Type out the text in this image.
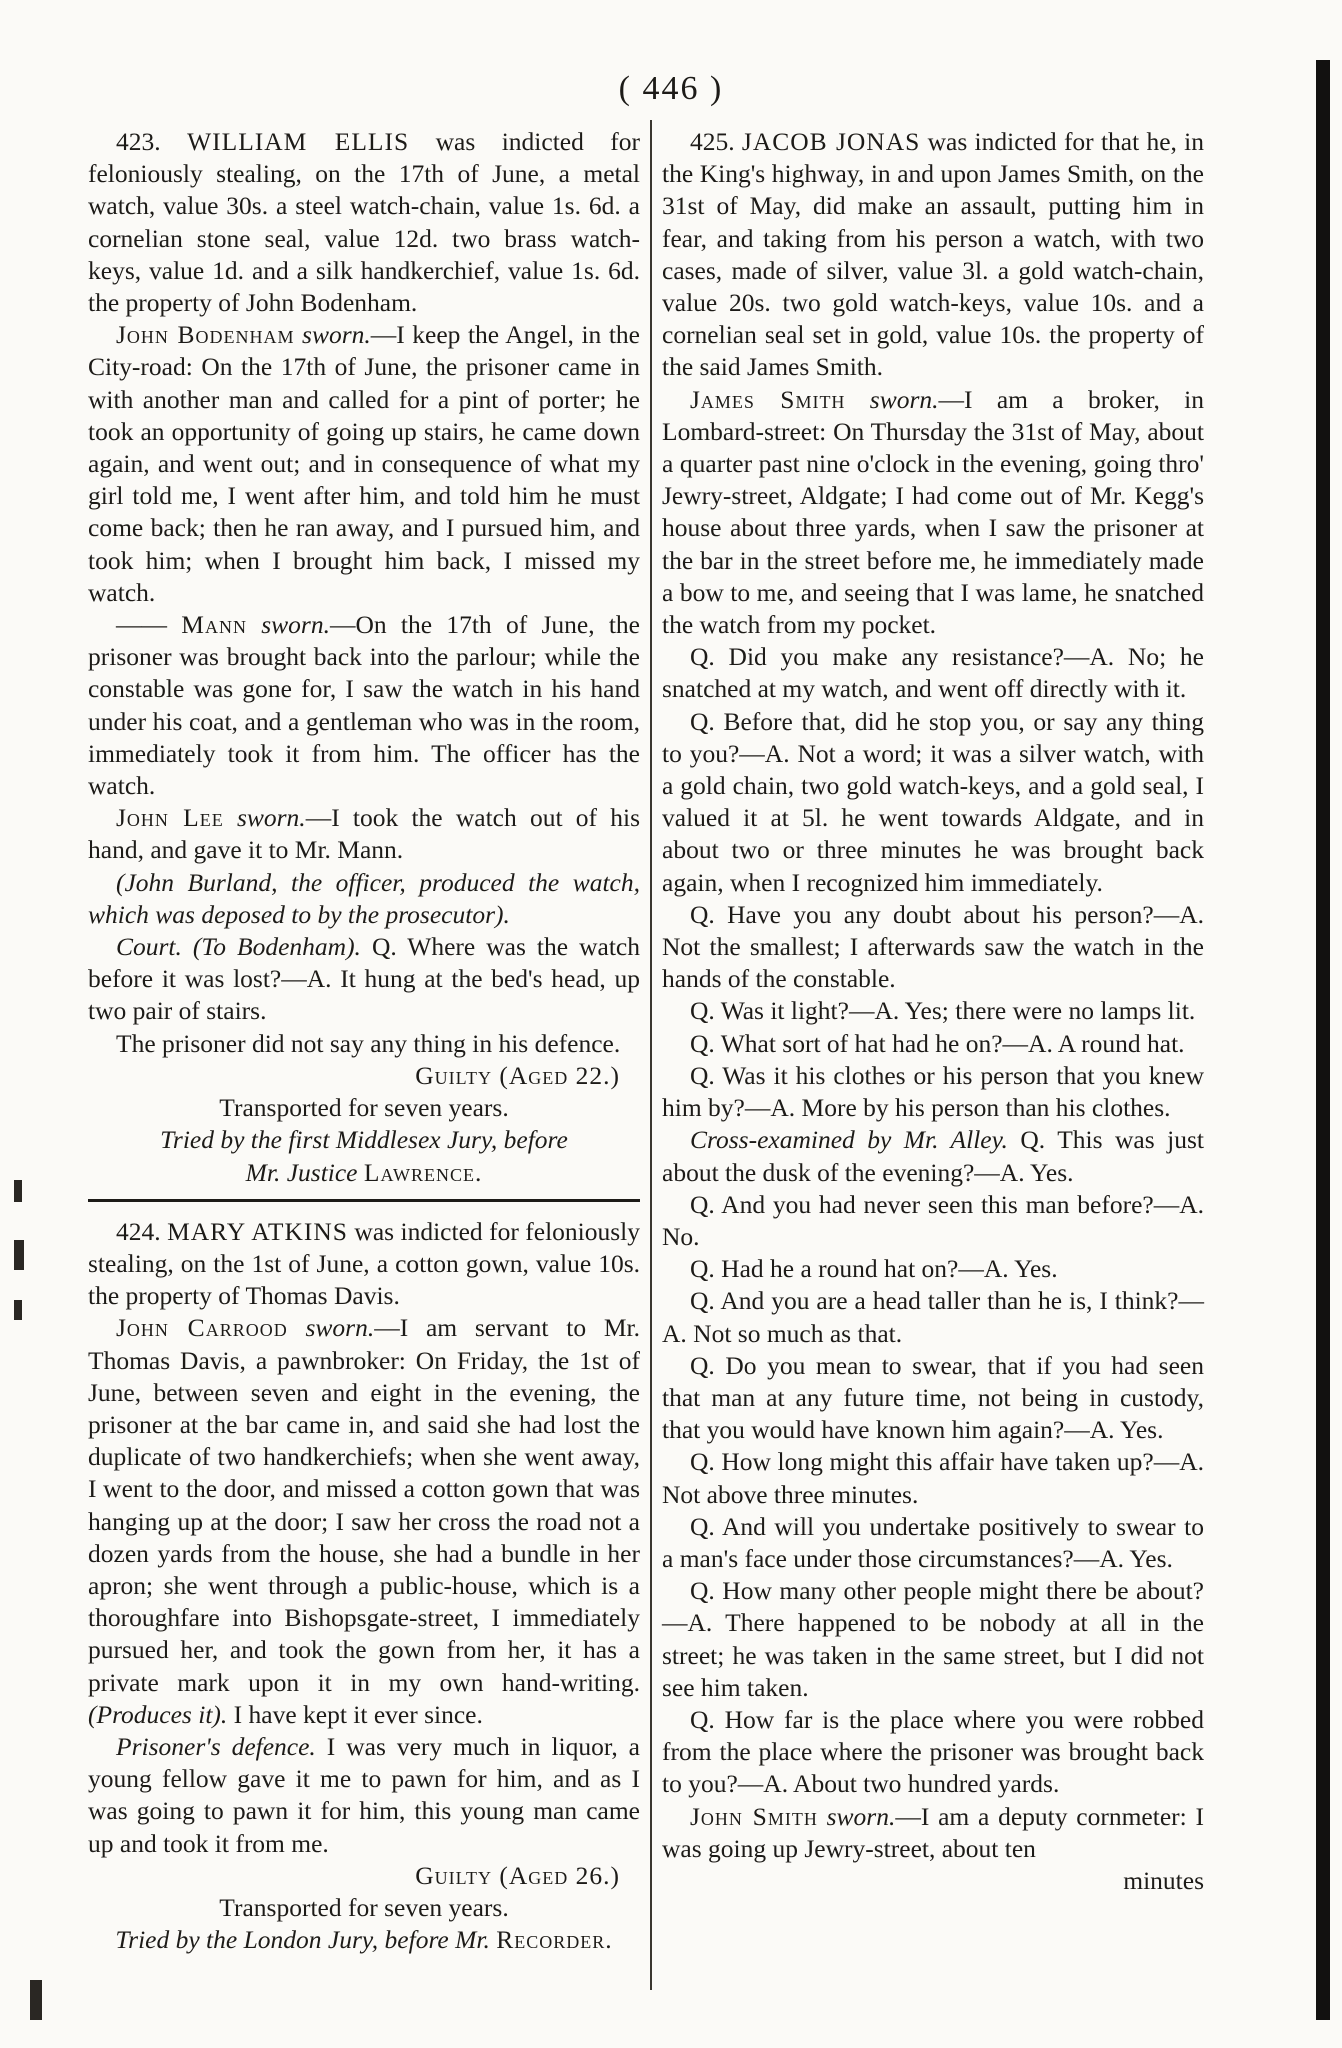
( 446 )

423. WILLIAM ELLIS was indicted for feloniously stealing, on the 17th of June, a metal watch, value 30s. a steel watch-chain, value 1s. 6d. a cornelian stone seal, value 12d. two brass watch-keys, value 1d. and a silk handkerchief, value 1s. 6d. the property of John Bodenham.

John Bodenham sworn.—I keep the Angel, in the City-road: On the 17th of June, the prisoner came in with another man and called for a pint of porter; he took an opportunity of going up stairs, he came down again, and went out; and in consequence of what my girl told me, I went after him, and told him he must come back; then he ran away, and I pursued him, and took him; when I brought him back, I missed my watch.

—— Mann sworn.—On the 17th of June, the prisoner was brought back into the parlour; while the constable was gone for, I saw the watch in his hand under his coat, and a gentleman who was in the room, immediately took it from him. The officer has the watch.

John Lee sworn.—I took the watch out of his hand, and gave it to Mr. Mann.

(John Burland, the officer, produced the watch, which was deposed to by the prosecutor).

Court. (To Bodenham). Q. Where was the watch before it was lost?—A. It hung at the bed's head, up two pair of stairs.

The prisoner did not say any thing in his defence.

Guilty (Aged 22.)

Transported for seven years.

Tried by the first Middlesex Jury, before

Mr. Justice Lawrence.

424. MARY ATKINS was indicted for feloniously stealing, on the 1st of June, a cotton gown, value 10s. the property of Thomas Davis.

John Carrood sworn.—I am servant to Mr. Thomas Davis, a pawnbroker: On Friday, the 1st of June, between seven and eight in the evening, the prisoner at the bar came in, and said she had lost the duplicate of two handkerchiefs; when she went away, I went to the door, and missed a cotton gown that was hanging up at the door; I saw her cross the road not a dozen yards from the house, she had a bundle in her apron; she went through a public-house, which is a thoroughfare into Bishopsgate-street, I immediately pursued her, and took the gown from her, it has a private mark upon it in my own hand-writing. (Produces it). I have kept it ever since.

Prisoner's defence. I was very much in liquor, a young fellow gave it me to pawn for him, and as I was going to pawn it for him, this young man came up and took it from me.

Guilty (Aged 26.)

Transported for seven years.

Tried by the London Jury, before Mr. Recorder.

425. JACOB JONAS was indicted for that he, in the King's highway, in and upon James Smith, on the 31st of May, did make an assault, putting him in fear, and taking from his person a watch, with two cases, made of silver, value 3l. a gold watch-chain, value 20s. two gold watch-keys, value 10s. and a cornelian seal set in gold, value 10s. the property of the said James Smith.

James Smith sworn.—I am a broker, in Lombard-street: On Thursday the 31st of May, about a quarter past nine o'clock in the evening, going thro' Jewry-street, Aldgate; I had come out of Mr. Kegg's house about three yards, when I saw the prisoner at the bar in the street before me, he immediately made a bow to me, and seeing that I was lame, he snatched the watch from my pocket.

Q. Did you make any resistance?—A. No; he snatched at my watch, and went off directly with it.

Q. Before that, did he stop you, or say any thing to you?—A. Not a word; it was a silver watch, with a gold chain, two gold watch-keys, and a gold seal, I valued it at 5l. he went towards Aldgate, and in about two or three minutes he was brought back again, when I recognized him immediately.

Q. Have you any doubt about his person?—A. Not the smallest; I afterwards saw the watch in the hands of the constable.

Q. Was it light?—A. Yes; there were no lamps lit.

Q. What sort of hat had he on?—A. A round hat.

Q. Was it his clothes or his person that you knew him by?—A. More by his person than his clothes.

Cross-examined by Mr. Alley. Q. This was just about the dusk of the evening?—A. Yes.

Q. And you had never seen this man before?—A. No.

Q. Had he a round hat on?—A. Yes.

Q. And you are a head taller than he is, I think?—A. Not so much as that.

Q. Do you mean to swear, that if you had seen that man at any future time, not being in custody, that you would have known him again?—A. Yes.

Q. How long might this affair have taken up?—A. Not above three minutes.

Q. And will you undertake positively to swear to a man's face under those circumstances?—A. Yes.

Q. How many other people might there be about?—A. There happened to be nobody at all in the street; he was taken in the same street, but I did not see him taken.

Q. How far is the place where you were robbed from the place where the prisoner was brought back to you?—A. About two hundred yards.

John Smith sworn.—I am a deputy cornmeter: I was going up Jewry-street, about ten

minutes
